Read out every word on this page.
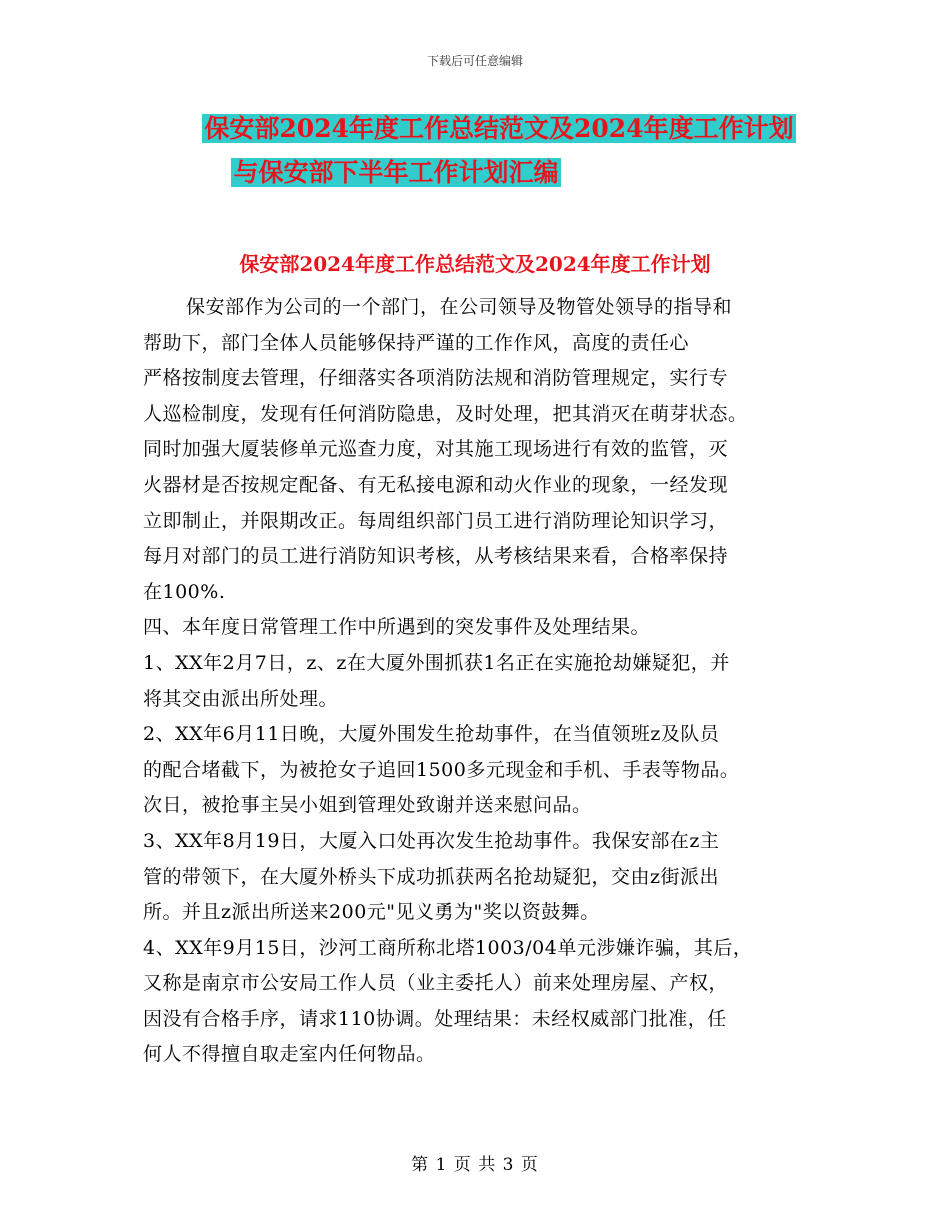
下载后可任意编辑
保安部2024年度工作总结范文及2024年度工作计划
与保安部下半年工作计划汇编
保安部2024年度工作总结范文及2024年度工作计划
保安部作为公司的一个部门，在公司领导及物管处领导的指导和
帮助下，部门全体人员能够保持严谨的工作作风，高度的责任心
严格按制度去管理，仔细落实各项消防法规和消防管理规定，实行专
人巡检制度，发现有任何消防隐患，及时处理，把其消灭在萌芽状态。
同时加强大厦装修单元巡查力度，对其施工现场进行有效的监管，灭
火器材是否按规定配备、有无私接电源和动火作业的现象，一经发现
立即制止，并限期改正。每周组织部门员工进行消防理论知识学习，
每月对部门的员工进行消防知识考核，从考核结果来看，合格率保持
在100%.
四、本年度日常管理工作中所遇到的突发事件及处理结果。
1、XX年2月7日，z、z在大厦外围抓获1名正在实施抢劫嫌疑犯，并
将其交由派出所处理。
2、XX年6月11日晚，大厦外围发生抢劫事件，在当值领班z及队员
的配合堵截下，为被抢女子追回1500多元现金和手机、手表等物品。
次日，被抢事主吴小姐到管理处致谢并送来慰问品。
3、XX年8月19日，大厦入口处再次发生抢劫事件。我保安部在z主
管的带领下，在大厦外桥头下成功抓获两名抢劫疑犯，交由z街派出
所。并且z派出所送来200元"见义勇为"奖以资鼓舞。
4、XX年9月15日，沙河工商所称北塔1003/04单元涉嫌诈骗，其后，
又称是南京市公安局工作人员（业主委托人）前来处理房屋、产权，
因没有合格手序，请求110协调。处理结果：未经权威部门批准，任
何人不得擅自取走室内任何物品。
第 1 页 共 3 页
